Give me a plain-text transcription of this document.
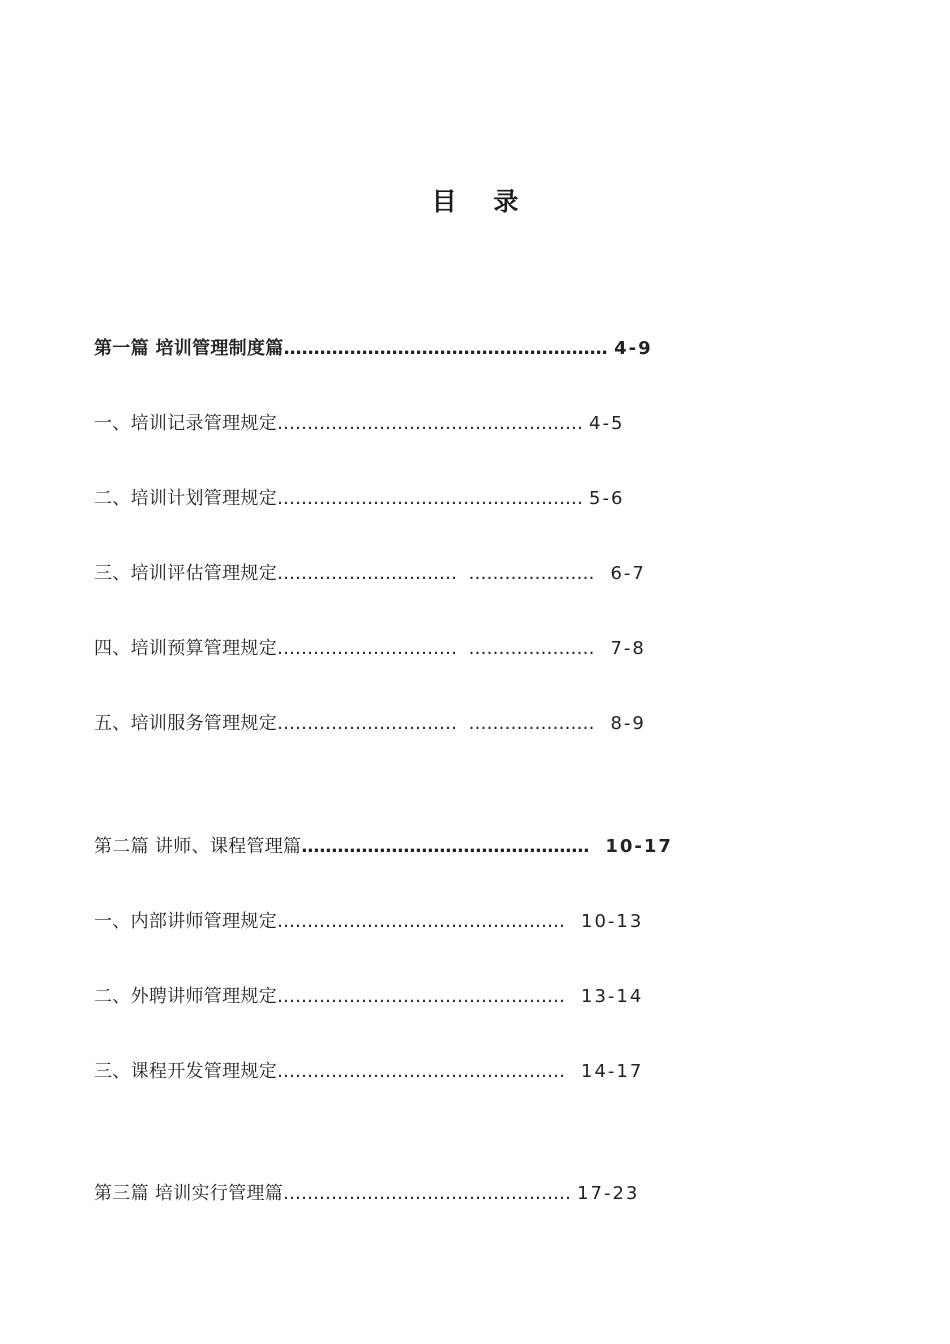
目 录
第一篇 培训管理制度篇……………………………………………… 4-9
一、培训记录管理规定…………………………………………… 4-5
二、培训计划管理规定…………………………………………… 5-6
三、培训评估管理规定…………………………  ………………… 6-7
四、培训预算管理规定…………………………  ………………… 7-8
五、培训服务管理规定…………………………  ………………… 8-9
第二篇 讲师、课程管理篇………………………………………… 10-17
一、内部讲师管理规定………………………………………… 10-13
二、外聘讲师管理规定………………………………………… 13-14
三、课程开发管理规定………………………………………… 14-17
第三篇 培训实行管理篇………………………………………… 17-23
